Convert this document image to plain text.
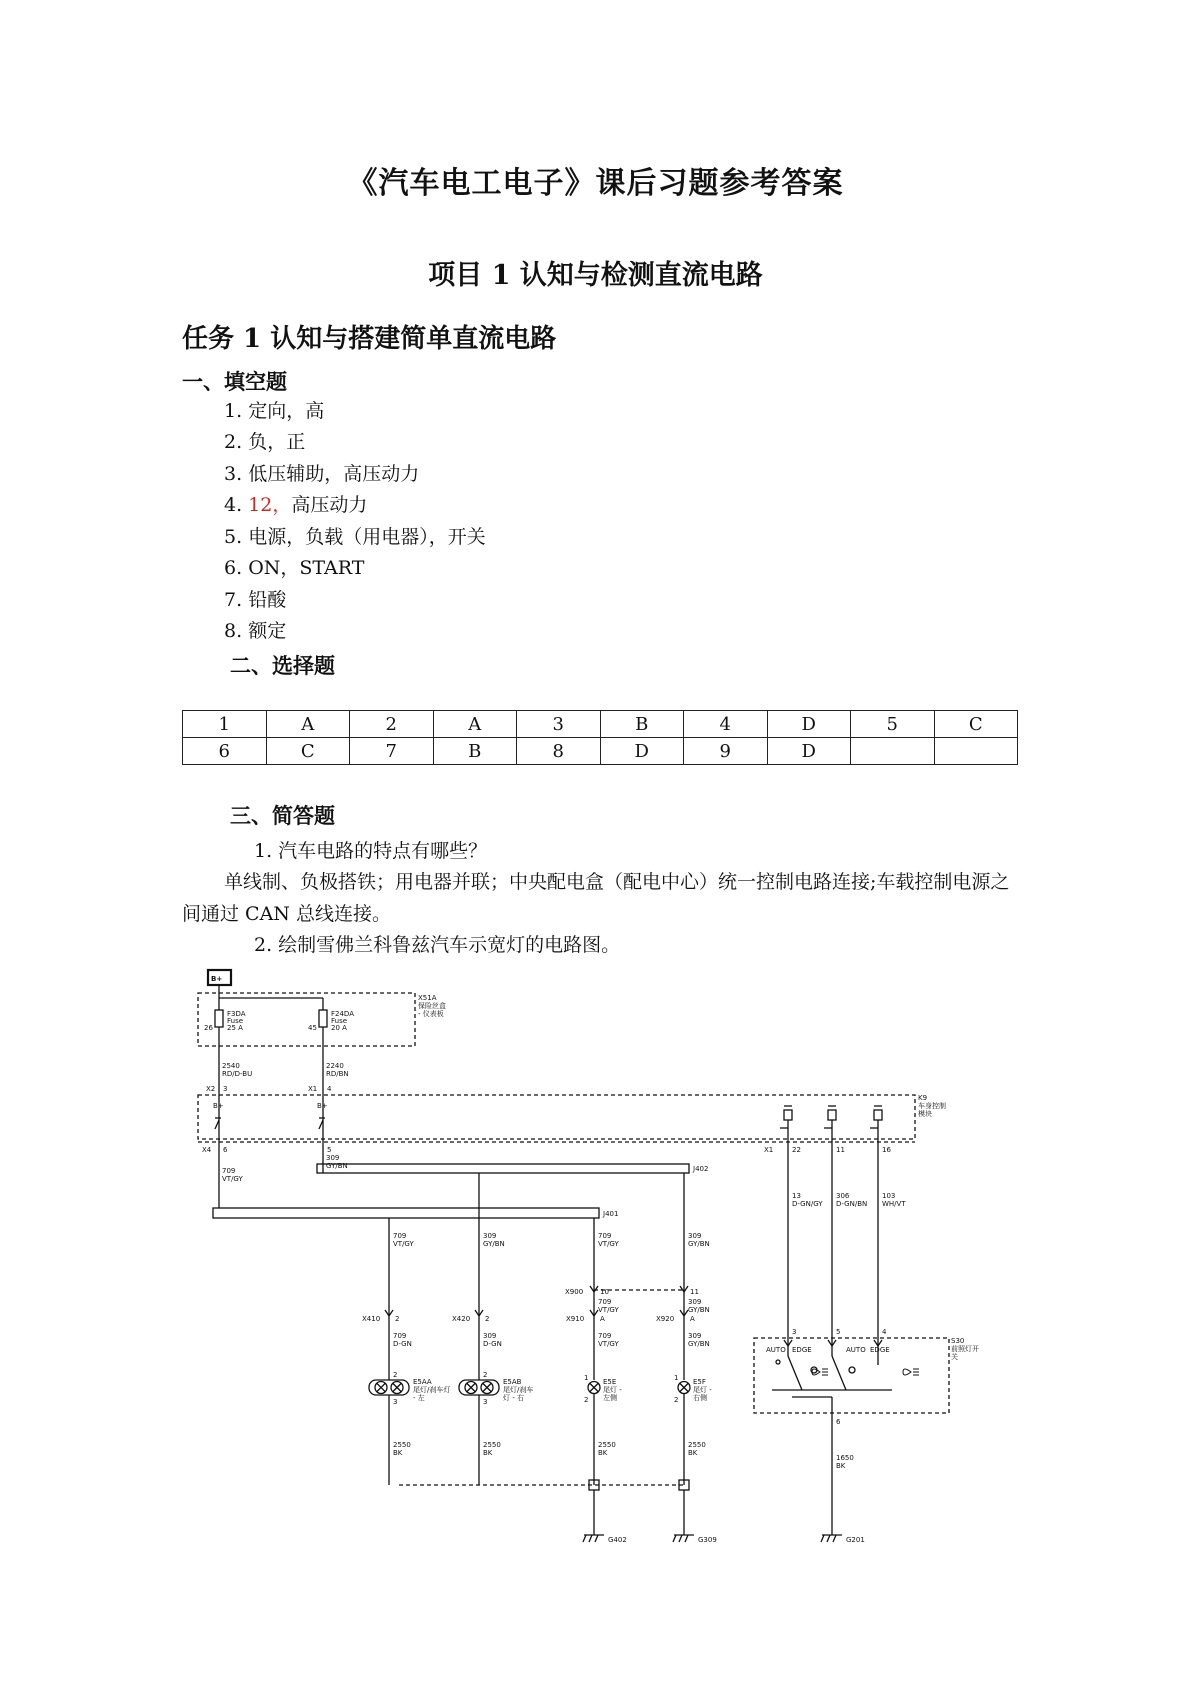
《汽车电工电子》课后习题参考答案
项目 1 认知与检测直流电路
任务 1 认知与搭建简单直流电路
一、填空题
1. 定向，高
2. 负，正
3. 低压辅助，高压动力
4. 12，高压动力
5. 电源，负载（用电器），开关
6. ON，START
7. 铅酸
8. 额定
二、选择题
1	A	2	A	3	B	4	D	5	C
6	C	7	B	8	D	9	D		
三、简答题
1. 汽车电路的特点有哪些？
单线制、负极搭铁；用电器并联；中央配电盒（配电中心）统一控制电路连接;车载控制电源之间通过 CAN 总线连接。
2. 绘制雪佛兰科鲁兹汽车示宽灯的电路图。
B+
X51A
保险丝盒
- 仪表板
F3DA
Fuse
25 A
26
F24DA
Fuse
20 A
45
2540
RD/D-BU
2240
RD/BN
X2 3	X1 4
B+	B+
K9
车身控制
模块
X4 6	5	X1	22	11	16
709
VT/GY
309
GY/BN	J402
J401
13
D-GN/GY
306
D-GN/BN
103
WH/VT
709
VT/GY
309
GY/BN
709
VT/GY
309
GY/BN
X900 10	11
709
VT/GY
309
GY/BN
X410 2	X420 2	X910 A	X920 A
709
D-GN
309
D-GN
709
VT/GY
309
GY/BN
2
3
2
3
1
2
1
2
E5AA
尾灯/刹车灯
- 左
E5AB
尾灯/刹车
灯 - 右
E5E
尾灯 -
左侧
E5F
尾灯 -
右侧
2550
BK
2550
BK
2550
BK
2550
BK
G402	G309
S30
前照灯开
关
3	5	4
6
AUTO EDGE	AUTO EDGE
1650
BK
G201
